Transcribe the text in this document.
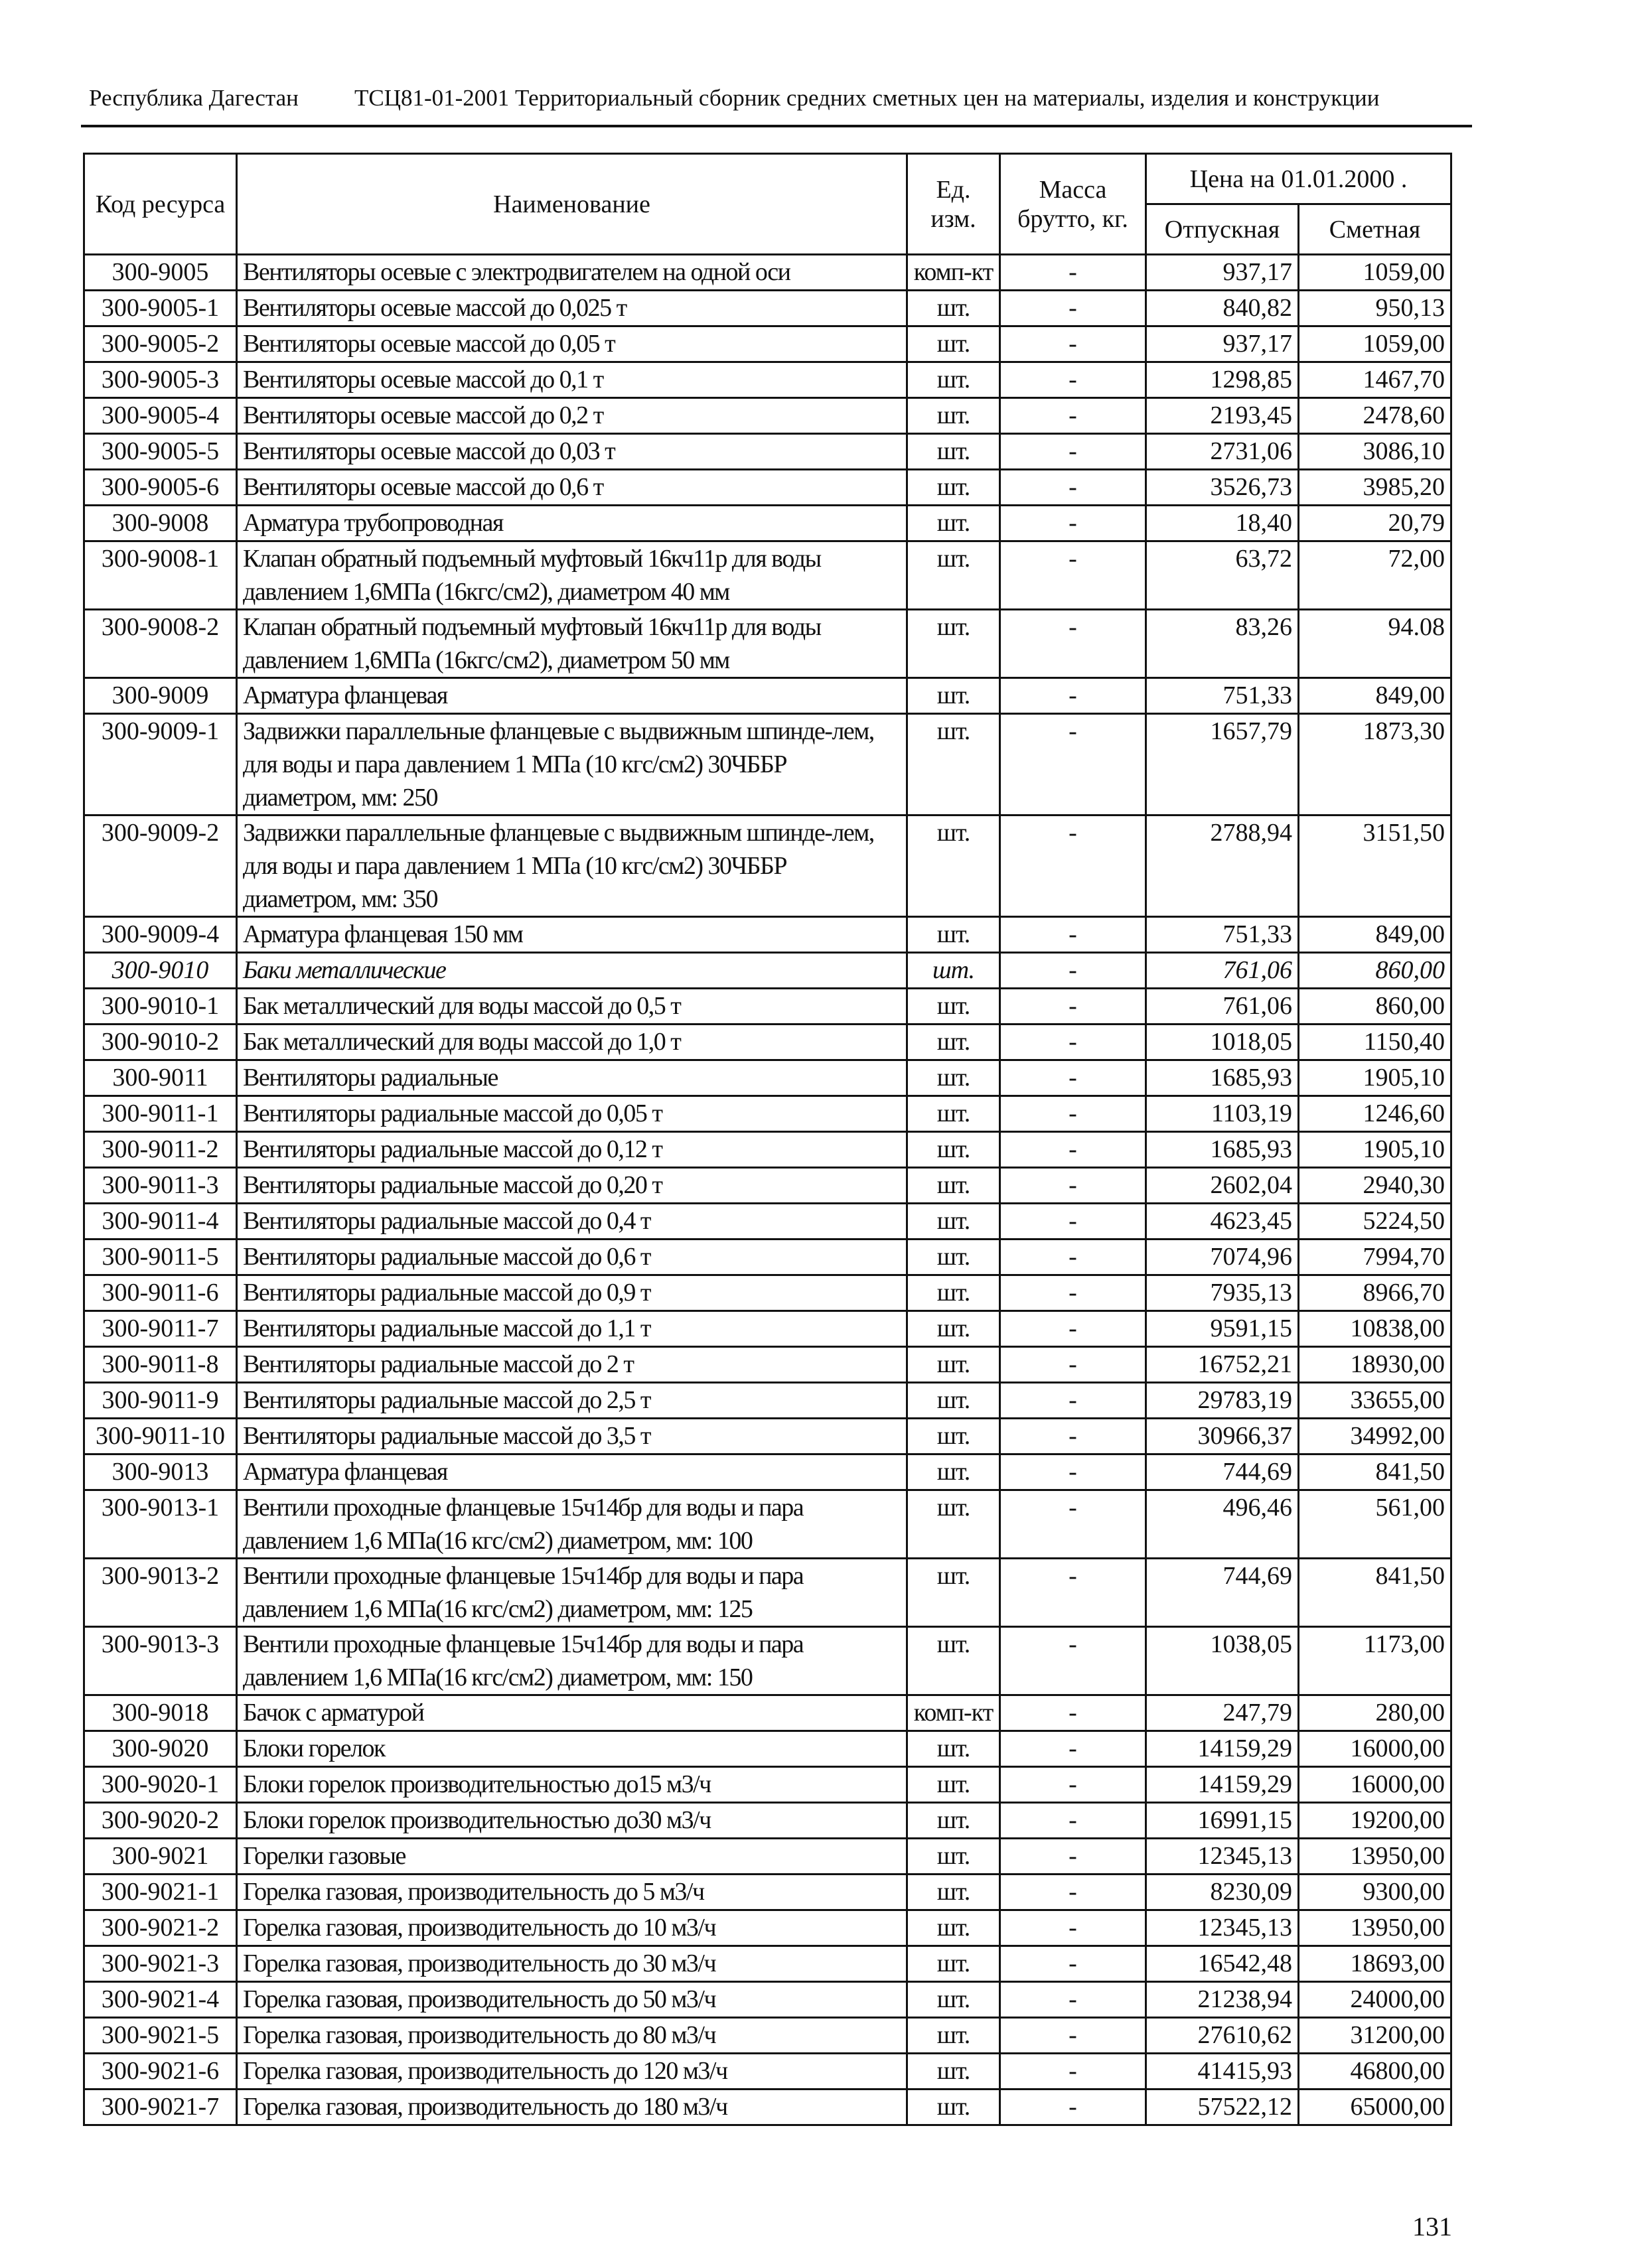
Республика Дагестан ТСЦ81-01-2001 Территориальный сборник средних сметных цен на материалы, изделия и конструкции
Код ресурса	Наименование	Ед. изм.	Масса брутто, кг.	Цена на 01.01.2000 .	
				Отпускная	Сметная
300-9005	Вентиляторы осевые с электродвигателем на одной оси	комп-кт	-	937,17	1059,00
300-9005-1	Вентиляторы осевые массой до 0,025 т	шт.	-	840,82	950,13
300-9005-2	Вентиляторы осевые массой до 0,05 т	шт.	-	937,17	1059,00
300-9005-3	Вентиляторы осевые массой до 0,1 т	шт.	-	1298,85	1467,70
300-9005-4	Вентиляторы осевые массой до 0,2 т	шт.	-	2193,45	2478,60
300-9005-5	Вентиляторы осевые массой до 0,03 т	шт.	-	2731,06	3086,10
300-9005-6	Вентиляторы осевые массой до 0,6 т	шт.	-	3526,73	3985,20
300-9008	Арматура трубопроводная	шт.	-	18,40	20,79
300-9008-1	Клапан обратный подъемный муфтовый 16кч11р для воды давлением 1,6МПа (16кгс/см2), диаметром 40 мм	шт.	-	63,72	72,00
300-9008-2	Клапан обратный подъемный муфтовый 16кч11р для воды давлением 1,6МПа (16кгс/см2), диаметром 50 мм	шт.	-	83,26	94.08
300-9009	Арматура фланцевая	шт.	-	751,33	849,00
300-9009-1	Задвижки параллельные фланцевые с выдвижным шпинде-лем, для воды и пара давлением 1 МПа (10 кгс/см2) 30ЧББР диаметром, мм: 250	шт.	-	1657,79	1873,30
300-9009-2	Задвижки параллельные фланцевые с выдвижным шпинде-лем, для воды и пара давлением 1 МПа (10 кгс/см2) 30ЧББР диаметром, мм: 350	шт.	-	2788,94	3151,50
300-9009-4	Арматура фланцевая 150 мм	шт.	-	751,33	849,00
300-9010	Баки металлические	шт.	-	761,06	860,00
300-9010-1	Бак металлический для воды массой до 0,5 т	шт.	-	761,06	860,00
300-9010-2	Бак металлический для воды массой до 1,0 т	шт.	-	1018,05	1150,40
300-9011	Вентиляторы радиальные	шт.	-	1685,93	1905,10
300-9011-1	Вентиляторы радиальные массой до 0,05 т	шт.	-	1103,19	1246,60
300-9011-2	Вентиляторы радиальные массой до 0,12 т	шт.	-	1685,93	1905,10
300-9011-3	Вентиляторы радиальные массой до 0,20 т	шт.	-	2602,04	2940,30
300-9011-4	Вентиляторы радиальные массой до 0,4 т	шт.	-	4623,45	5224,50
300-9011-5	Вентиляторы радиальные массой до 0,6 т	шт.	-	7074,96	7994,70
300-9011-6	Вентиляторы радиальные массой до 0,9 т	шт.	-	7935,13	8966,70
300-9011-7	Вентиляторы радиальные массой до 1,1 т	шт.	-	9591,15	10838,00
300-9011-8	Вентиляторы радиальные массой до 2 т	шт.	-	16752,21	18930,00
300-9011-9	Вентиляторы радиальные массой до 2,5 т	шт.	-	29783,19	33655,00
300-9011-10	Вентиляторы радиальные массой до 3,5 т	шт.	-	30966,37	34992,00
300-9013	Арматура фланцевая	шт.	-	744,69	841,50
300-9013-1	Вентили проходные фланцевые 15ч14бр для воды и пара давлением 1,6 МПа(16 кгс/см2) диаметром, мм: 100	шт.	-	496,46	561,00
300-9013-2	Вентили проходные фланцевые 15ч14бр для воды и пара давлением 1,6 МПа(16 кгс/см2) диаметром, мм: 125	шт.	-	744,69	841,50
300-9013-3	Вентили проходные фланцевые 15ч14бр для воды и пара давлением 1,6 МПа(16 кгс/см2) диаметром, мм: 150	шт.	-	1038,05	1173,00
300-9018	Бачок с арматурой	комп-кт	-	247,79	280,00
300-9020	Блоки горелок	шт.	-	14159,29	16000,00
300-9020-1	Блоки горелок производительностью до15 м3/ч	шт.	-	14159,29	16000,00
300-9020-2	Блоки горелок производительностью до30 м3/ч	шт.	-	16991,15	19200,00
300-9021	Горелки газовые	шт.	-	12345,13	13950,00
300-9021-1	Горелка газовая, производительность до 5 м3/ч	шт.	-	8230,09	9300,00
300-9021-2	Горелка газовая, производительность до 10 м3/ч	шт.	-	12345,13	13950,00
300-9021-3	Горелка газовая, производительность до 30 м3/ч	шт.	-	16542,48	18693,00
300-9021-4	Горелка газовая, производительность до 50 м3/ч	шт.	-	21238,94	24000,00
300-9021-5	Горелка газовая, производительность до 80 м3/ч	шт.	-	27610,62	31200,00
300-9021-6	Горелка газовая, производительность до 120 м3/ч	шт.	-	41415,93	46800,00
300-9021-7	Горелка газовая, производительность до 180 м3/ч	шт.	-	57522,12	65000,00
131
